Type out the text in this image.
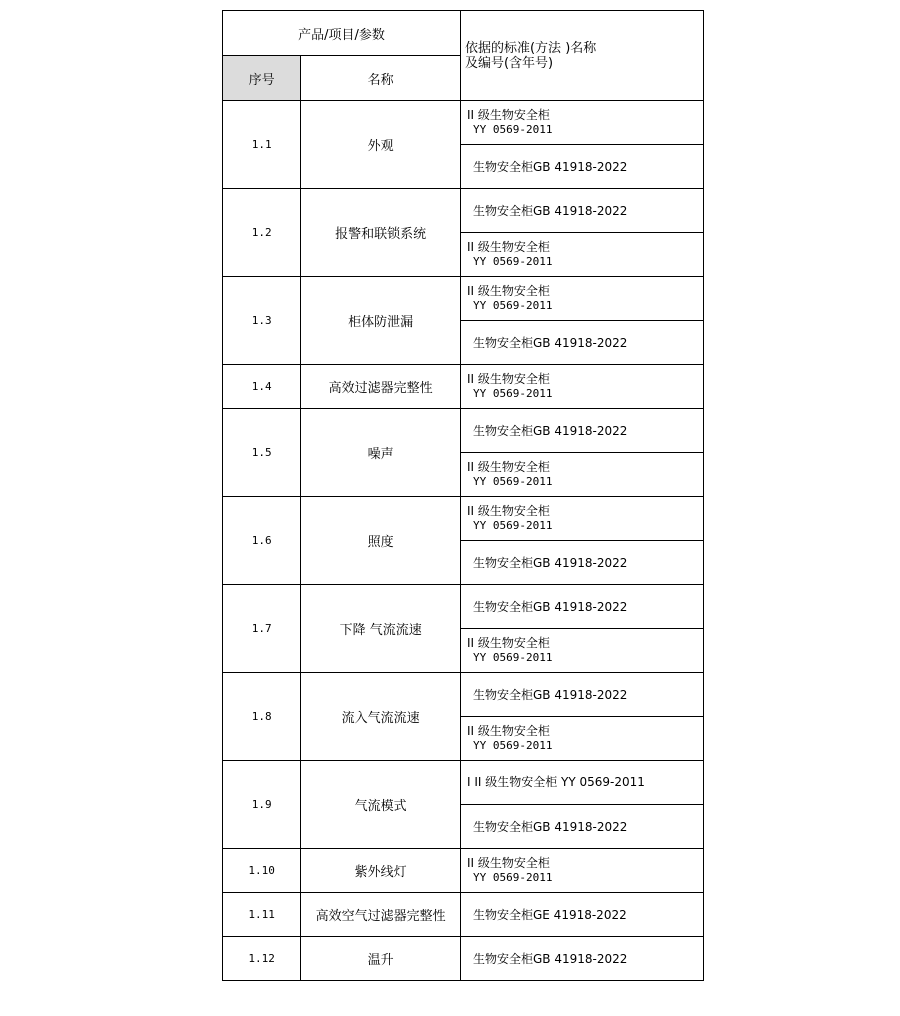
产品/项目/参数		依据的标准(方法 )名称
及编号(含年号)
序号	名称	
1.1	外观	II 级生物安全柜
YY 0569-2011

		生物安全柜GB 41918-2022

1.2	报警和联锁系统	生物安全柜GB 41918-2022

		II 级生物安全柜
YY 0569-2011

1.3	柜体防泄漏	II 级生物安全柜
YY 0569-2011

		生物安全柜GB 41918-2022

1.4	高效过滤器完整性	II 级生物安全柜
YY 0569-2011

1.5	噪声	生物安全柜GB 41918-2022

		II 级生物安全柜
YY 0569-2011

1.6	照度	II 级生物安全柜
YY 0569-2011

		生物安全柜GB 41918-2022

1.7	下降 气流流速	生物安全柜GB 41918-2022

		II 级生物安全柜
YY 0569-2011

1.8	流入气流流速	生物安全柜GB 41918-2022

		II 级生物安全柜
YY 0569-2011

1.9	气流模式	I II 级生物安全柜 YY 0569-2011

		生物安全柜GB 41918-2022

1.10	紫外线灯	II 级生物安全柜
YY 0569-2011

1.11	高效空气过滤器完整性	生物安全柜GE 41918-2022

1.12	温升	生物安全柜GB 41918-2022
